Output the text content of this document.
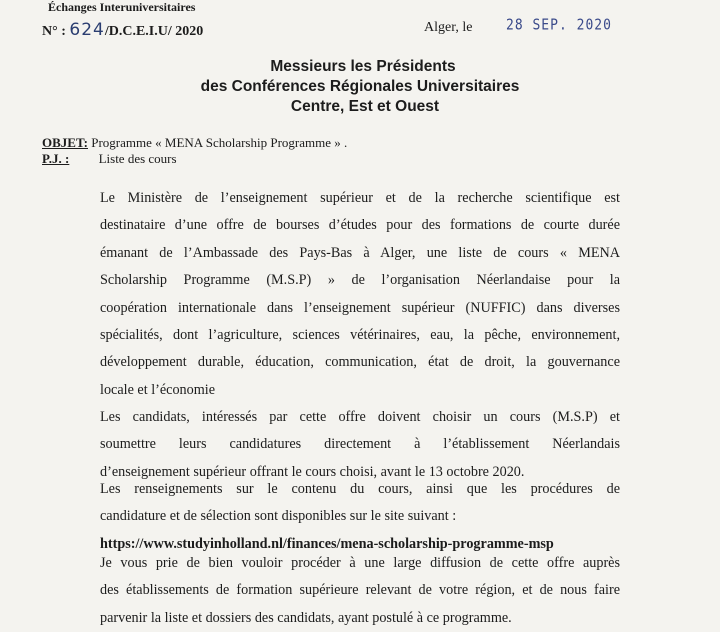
Échanges Interuniversitaires
N° : 624/D.C.E.I.U/ 2020	Alger, le	28 SEP. 2020
Messieurs les Présidents
des Conférences Régionales Universitaires
Centre, Est et Ouest
OBJET: Programme « MENA Scholarship Programme » .
P.J. : Liste des cours
Le Ministère de l’enseignement supérieur et de la recherche scientifique est
destinataire d’une offre de bourses d’études pour des formations de courte durée
émanant de l’Ambassade des Pays-Bas à Alger, une liste de cours « MENA
Scholarship Programme (M.S.P) » de l’organisation Néerlandaise pour la
coopération internationale dans l’enseignement supérieur (NUFFIC) dans diverses
spécialités, dont l’agriculture, sciences vétérinaires, eau, la pêche, environnement,
développement durable, éducation, communication, état de droit, la gouvernance
locale et l’économie
Les candidats, intéressés par cette offre doivent choisir un cours (M.S.P) et
soumettre leurs candidatures directement à l’établissement Néerlandais
d’enseignement supérieur offrant le cours choisi, avant le 13 octobre 2020.
Les renseignements sur le contenu du cours, ainsi que les procédures de
candidature et de sélection sont disponibles sur le site suivant :
https://www.studyinholland.nl/finances/mena-scholarship-programme-msp
Je vous prie de bien vouloir procéder à une large diffusion de cette offre auprès
des établissements de formation supérieure relevant de votre région, et de nous faire
parvenir la liste et dossiers des candidats, ayant postulé à ce programme.
